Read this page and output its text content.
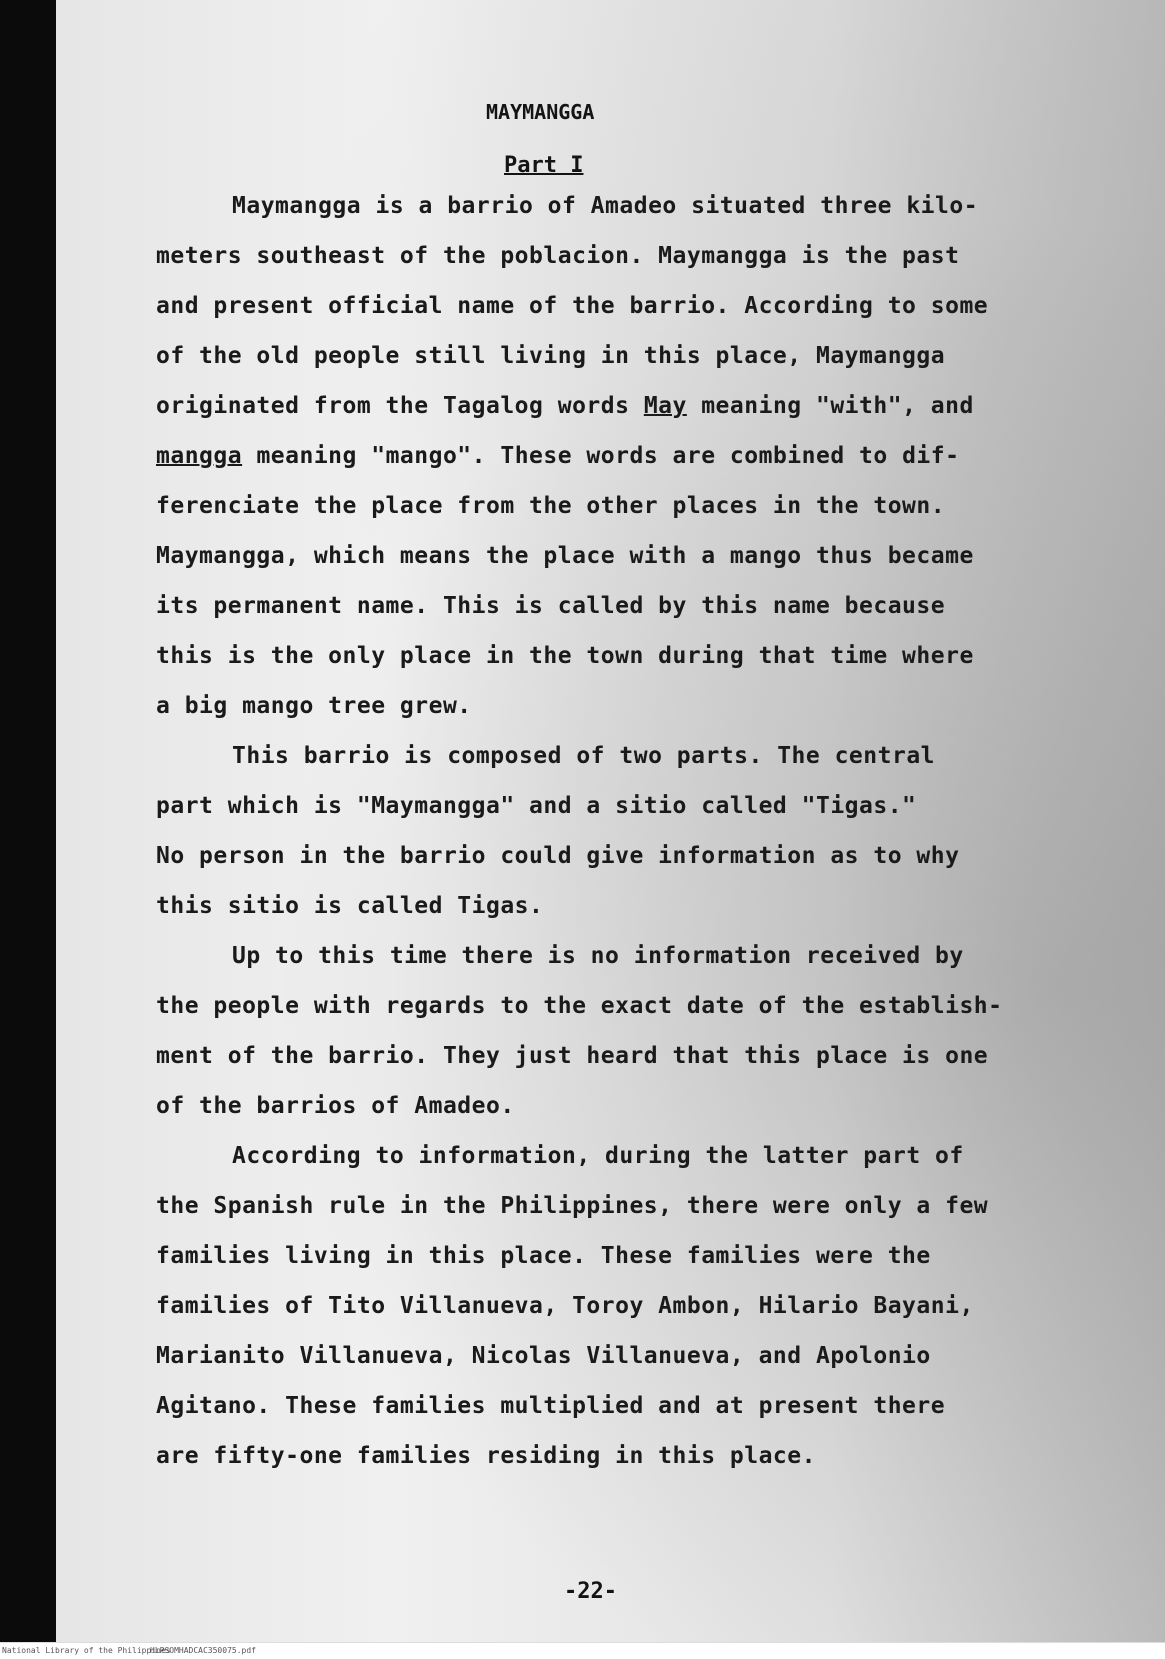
MAYMANGGA
Part I
Maymangga is a barrio of Amadeo situated three kilo-
meters southeast of the poblacion. Maymangga is the past
and present official name of the barrio. According to some
of the old people still living in this place, Maymangga
originated from the Tagalog words May meaning "with", and
mangga meaning "mango". These words are combined to dif-
ferenciate the place from the other places in the town.
Maymangga, which means the place with a mango thus became
its permanent name. This is called by this name because
this is the only place in the town during that time where
a big mango tree grew.
This barrio is composed of two parts. The central
part which is "Maymangga" and a sitio called "Tigas."
No person in the barrio could give information as to why
this sitio is called Tigas.
Up to this time there is no information received by
the people with regards to the exact date of the establish-
ment of the barrio. They just heard that this place is one
of the barrios of Amadeo.
According to information, during the latter part of
the Spanish rule in the Philippines, there were only a few
families living in this place. These families were the
families of Tito Villanueva, Toroy Ambon, Hilario Bayani,
Marianito Villanueva, Nicolas Villanueva, and Apolonio
Agitano. These families multiplied and at present there
are fifty-one families residing in this place.
-22-
National Library of the Philippines
HLPSOMHADCAC350075.pdf
